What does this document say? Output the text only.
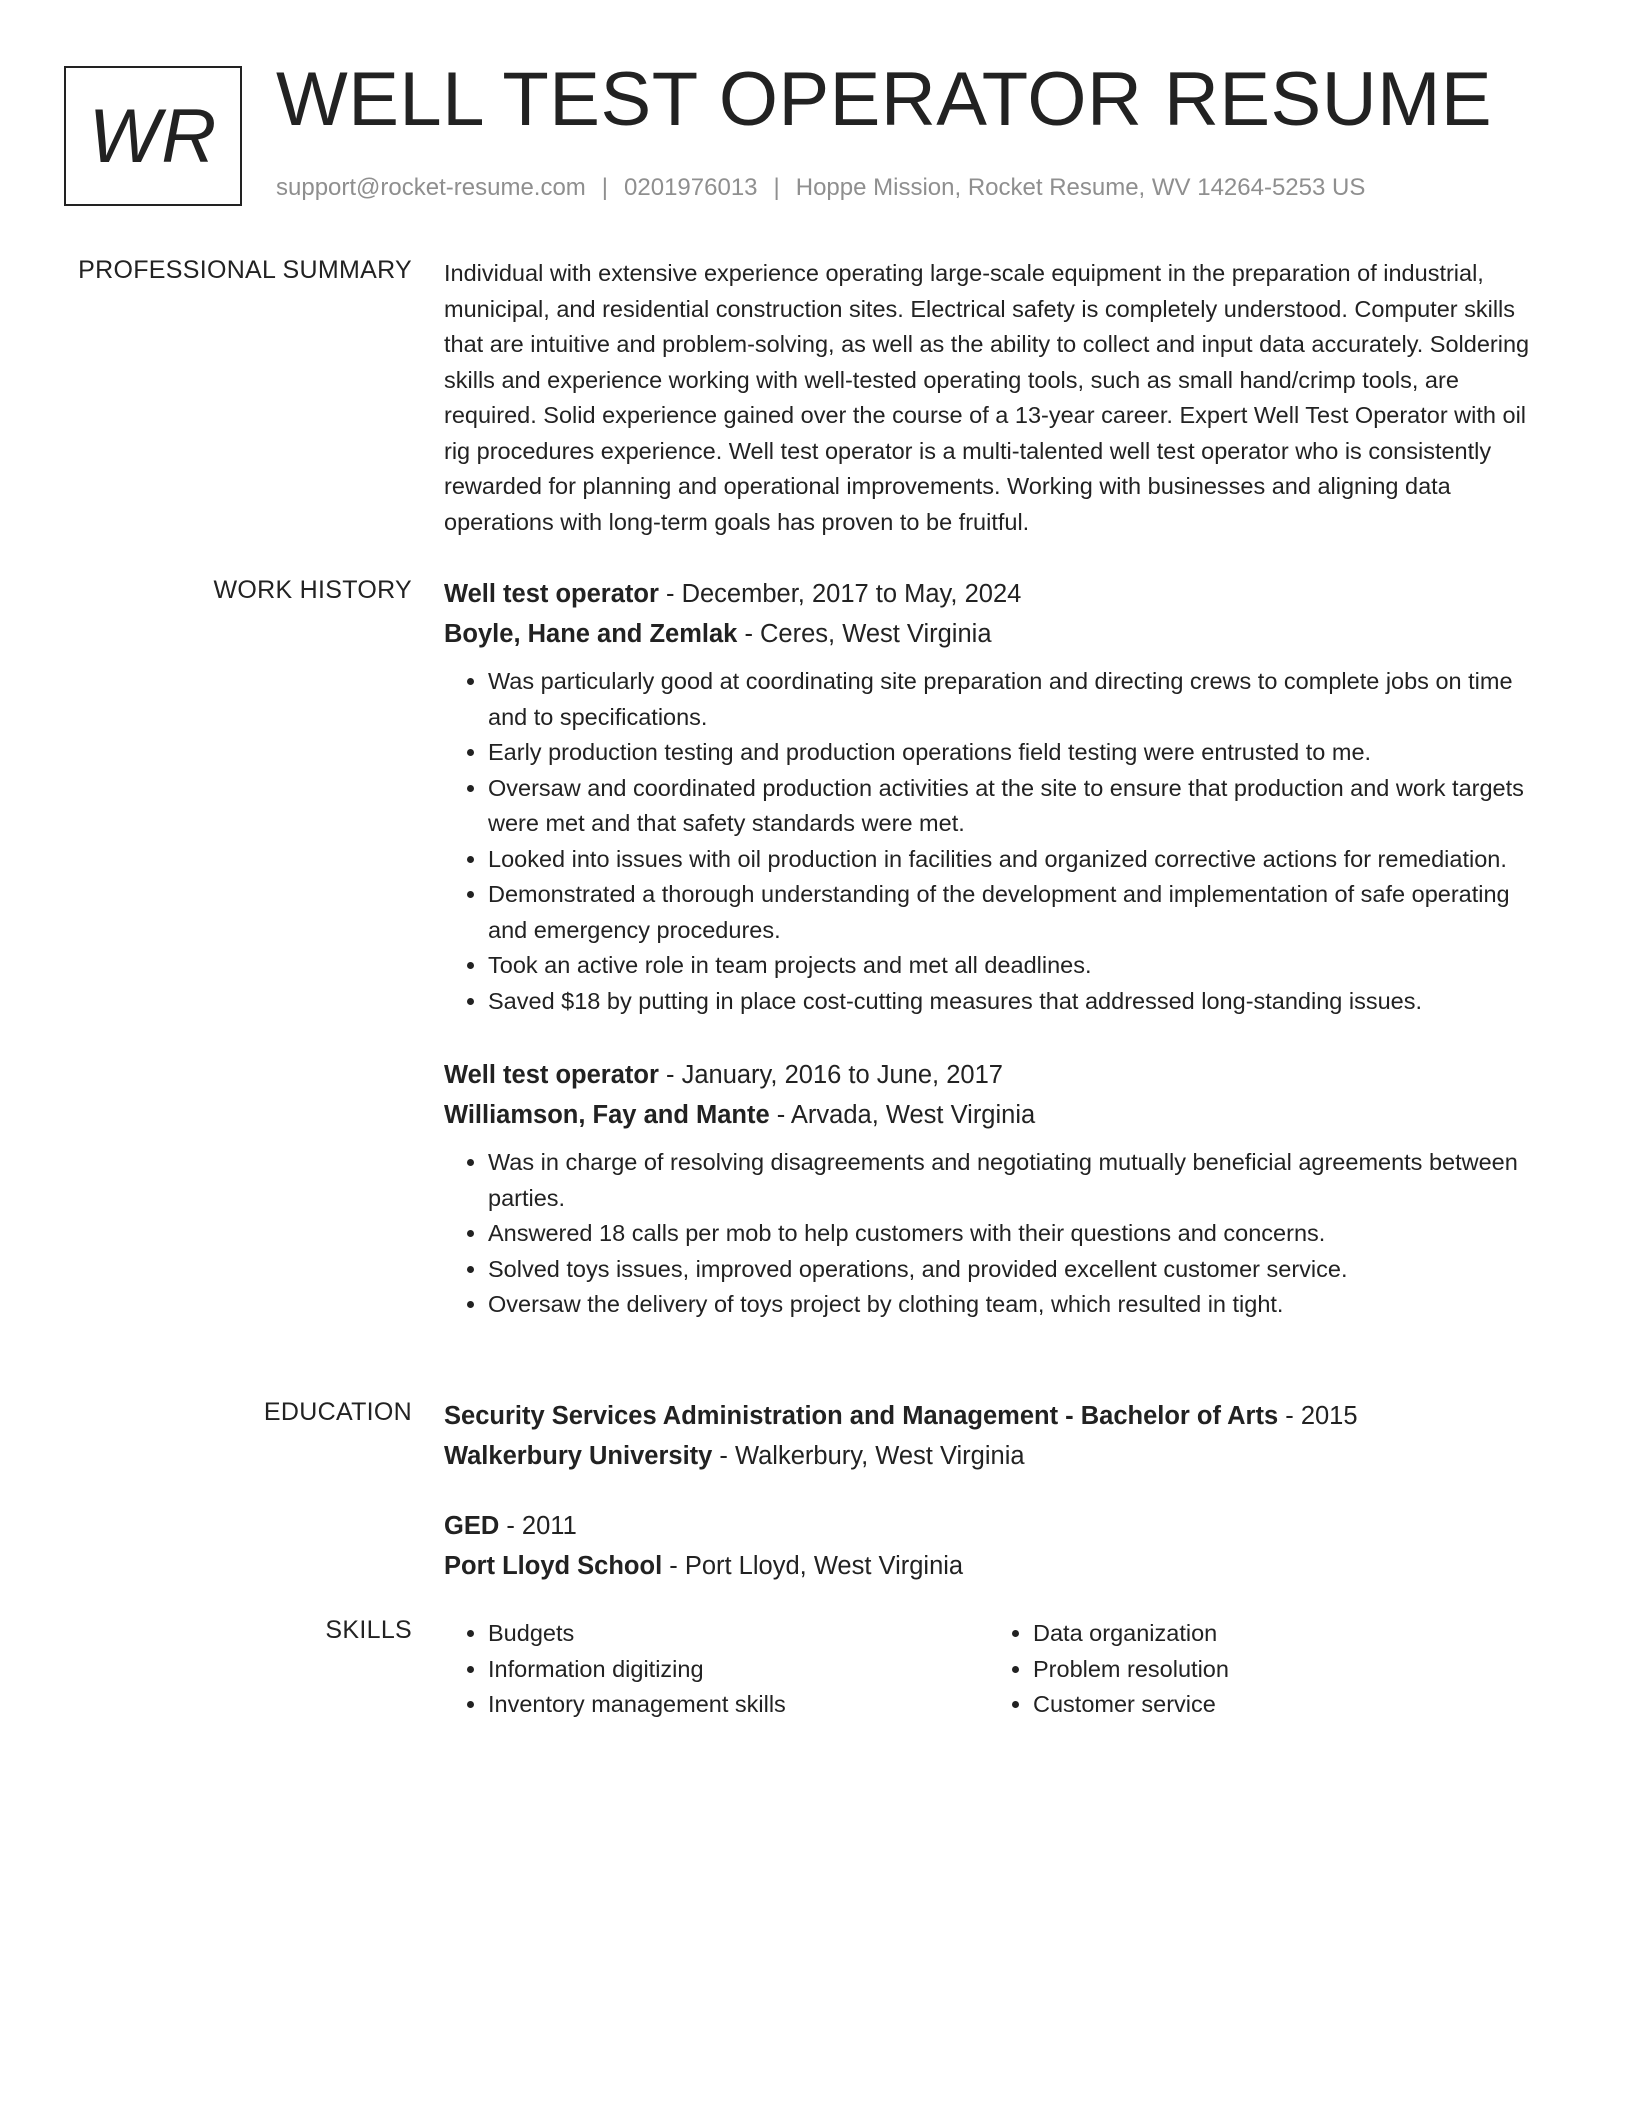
WR WELL TEST OPERATOR RESUME
support@rocket-resume.com | 0201976013 | Hoppe Mission, Rocket Resume, WV 14264-5253 US
PROFESSIONAL SUMMARY Individual with extensive experience operating large-scale equipment in the preparation of industrial, municipal, and residential construction sites. Electrical safety is completely understood. Computer skills that are intuitive and problem-solving, as well as the ability to collect and input data accurately. Soldering skills and experience working with well-tested operating tools, such as small hand/crimp tools, are required. Solid experience gained over the course of a 13-year career. Expert Well Test Operator with oil rig procedures experience. Well test operator is a multi-talented well test operator who is consistently rewarded for planning and operational improvements. Working with businesses and aligning data operations with long-term goals has proven to be fruitful.

WORK HISTORY Well test operator - December, 2017 to May, 2024
Boyle, Hane and Zemlak - Ceres, West Virginia
• Was particularly good at coordinating site preparation and directing crews to complete jobs on time and to specifications.
• Early production testing and production operations field testing were entrusted to me.
• Oversaw and coordinated production activities at the site to ensure that production and work targets were met and that safety standards were met.
• Looked into issues with oil production in facilities and organized corrective actions for remediation.
• Demonstrated a thorough understanding of the development and implementation of safe operating and emergency procedures.
• Took an active role in team projects and met all deadlines.
• Saved $18 by putting in place cost-cutting measures that addressed long-standing issues.
Well test operator - January, 2016 to June, 2017
Williamson, Fay and Mante - Arvada, West Virginia
• Was in charge of resolving disagreements and negotiating mutually beneficial agreements between parties.
• Answered 18 calls per mob to help customers with their questions and concerns.
• Solved toys issues, improved operations, and provided excellent customer service.
• Oversaw the delivery of toys project by clothing team, which resulted in tight.
EDUCATION Security Services Administration and Management - Bachelor of Arts - 2015
Walkerbury University - Walkerbury, West Virginia
GED - 2011
Port Lloyd School - Port Lloyd, West Virginia
SKILLS
•	Budgets
• Information digitizing
• Inventory management skills
• Data organization
• Problem resolution
• Customer service
